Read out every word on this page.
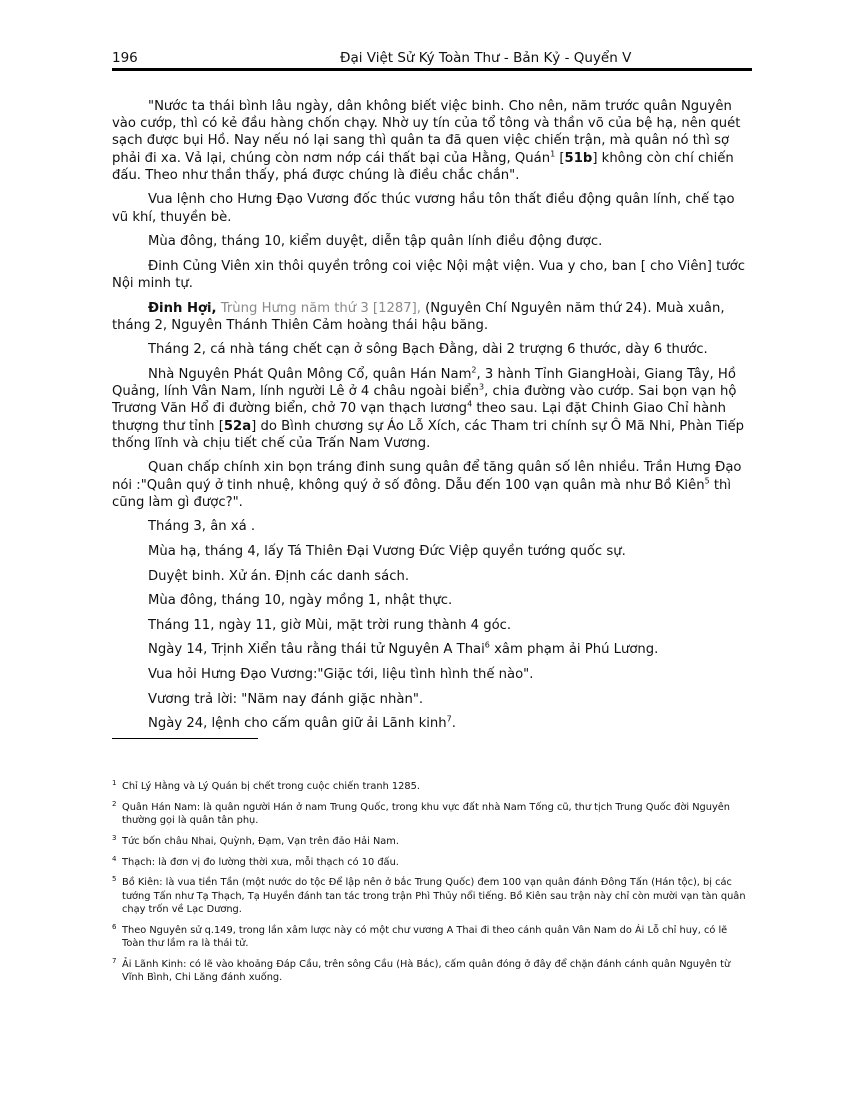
196	Đại Việt Sử Ký Toàn Thư - Bản Kỷ - Quyển V

"Nước ta thái bình lâu ngày, dân không biết việc binh. Cho nên, năm trước quân Nguyên vào cướp, thì có kẻ đầu hàng chốn chạy. Nhờ uy tín của tổ tông và thần võ của bệ hạ, nên quét sạch được bụi Hồ. Nay nếu nó lại sang thì quân ta đã quen việc chiến trận, mà quân nó thì sợ phải đi xa. Vả lại, chúng còn nơm nớp cái thất bại của Hằng, Quán$^1$ [51b] không còn chí chiến đấu. Theo như thần thấy, phá được chúng là điều chắc chắn".

Vua lệnh cho Hưng Đạo Vương đốc thúc vương hầu tôn thất điều động quân lính, chế tạo vũ khí, thuyền bè.

Mùa đông, tháng 10, kiểm duyệt, diễn tập quân lính điều động được.

Đinh Củng Viên xin thôi quyền trông coi việc Nội mật viện. Vua y cho, ban [ cho Viên] tước Nội minh tự.

Đinh Hợi, Trùng Hưng năm thứ 3 [1287], (Nguyên Chí Nguyên năm thứ 24). Muà xuân, tháng 2, Nguyên Thánh Thiên Cảm hoàng thái hậu băng.

Tháng 2, cá nhà táng chết cạn ở sông Bạch Đằng, dài 2 trượng 6 thước, dày 6 thước.

Nhà Nguyên Phát Quân Mông Cổ, quân Hán Nam$^2$, 3 hành Tỉnh GiangHoài, Giang Tây, Hồ Quảng, lính Vân Nam, lính người Lê ở 4 châu ngoài biển$^3$, chia đường vào cướp. Sai bọn vạn hộ Trương Văn Hổ đi đường biển, chở 70 vạn thạch lương$^4$ theo sau. Lại đặt Chinh Giao Chỉ hành thượng thư tỉnh [52a] do Bình chương sự Áo Lỗ Xích, các Tham tri chính sự Ô Mã Nhi, Phàn Tiếp thống lĩnh và chịu tiết chế của Trấn Nam Vương.

Quan chấp chính xin bọn tráng đinh sung quân để tăng quân số lên nhiều. Trần Hưng Đạo nói :"Quân quý ở tinh nhuệ, không quý ở số đông. Dẫu đến 100 vạn quân mà như Bồ Kiên$^5$ thì cũng làm gì được?".

Tháng 3, ân xá .

Mùa hạ, tháng 4, lấy Tá Thiên Đại Vương Đức Việp quyền tướng quốc sự.

Duyệt binh. Xử án. Định các danh sách.

Mùa đông, tháng 10, ngày mồng 1, nhật thực.

Tháng 11, ngày 11, giờ Mùi, mặt trời rung thành 4 góc.

Ngày 14, Trịnh Xiển tâu rằng thái tử Nguyên A Thai$^6$ xâm phạm ải Phú Lương.

Vua hỏi Hưng Đạo Vương:"Giặc tới, liệu tình hình thế nào".

Vương trả lời: "Năm nay đánh giặc nhàn".

Ngày 24, lệnh cho cấm quân giữ ải Lãnh kinh$^7$.

1 Chỉ Lý Hằng và Lý Quán bị chết trong cuộc chiến tranh 1285.
2 Quân Hán Nam: là quân người Hán ở nam Trung Quốc, trong khu vực đất nhà Nam Tống cũ, thư tịch Trung Quốc đời Nguyên thường gọi là quân tân phụ.
3 Tức bốn châu Nhai, Quỳnh, Đạm, Vạn trên đảo Hải Nam.
4 Thạch: là đơn vị đo lường thời xưa, mỗi thạch có 10 đấu.
5 Bồ Kiên: là vua tiền Tần (một nước do tộc Để lập nên ở bắc Trung Quốc) đem 100 vạn quân đánh Đông Tấn (Hán tộc), bị các tướng Tấn như Tạ Thạch, Tạ Huyền đánh tan tác trong trận Phì Thủy nổi tiếng. Bồ Kiên sau trận này chỉ còn mười vạn tàn quân chạy trốn về Lạc Dương.
6 Theo Nguyên sử q.149, trong lần xâm lược này có một chư vương A Thai đi theo cánh quân Vân Nam do Ái Lỗ chỉ huy, có lẽ Toàn thư lầm ra là thái tử.
7 Ải Lãnh Kinh: có lẽ vào khoảng Đáp Cầu, trên sông Cầu (Hà Bắc), cấm quân đóng ở đây để chặn đánh cánh quân Nguyên từ Vĩnh Bình, Chi Lăng đánh xuống.
